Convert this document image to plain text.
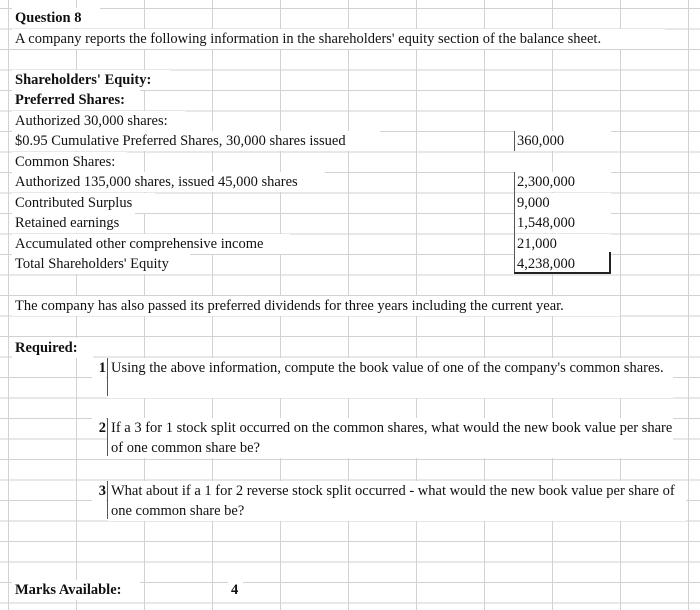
Question 8
A company reports the following information in the shareholders' equity section of the balance sheet.
Shareholders' Equity:
Preferred Shares:
Authorized 30,000 shares:
$0.95 Cumulative Preferred Shares, 30,000 shares issued
Common Shares:
Authorized 135,000 shares, issued 45,000 shares
Contributed Surplus
Retained earnings
Accumulated other comprehensive income
Total Shareholders' Equity
360,000
2,300,000
9,000
1,548,000
21,000
4,238,000
The company has also passed its preferred dividends for three years including the current year.
Required:
1 Using the above information, compute the book value of one of the company's common shares.
2 If a 3 for 1 stock split occurred on the common shares, what would the new book value per share of one common share be?
3 What about if a 1 for 2 reverse stock split occurred - what would the new book value per share of one common share be?
Marks Available:	4
